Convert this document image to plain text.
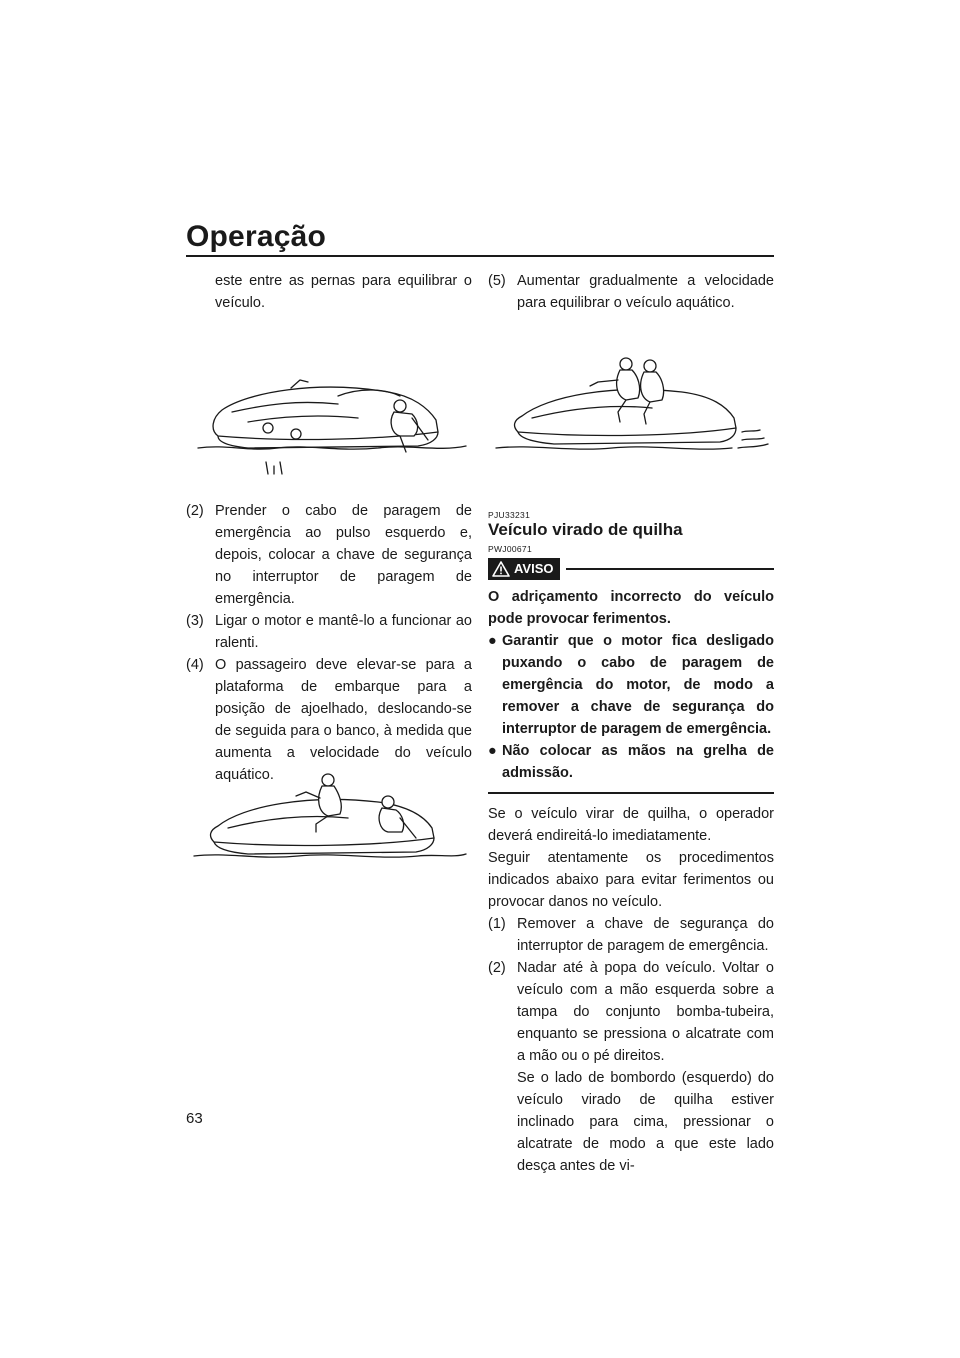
Operação

este entre as pernas para equilibrar o veículo.

(2) Prender o cabo de paragem de emergência ao pulso esquerdo e, depois, colocar a chave de segurança no interruptor de paragem de emergência.
(3) Ligar o motor e mantê-lo a funcionar ao ralenti.
(4) O passageiro deve elevar-se para a plataforma de embarque para a posição de ajoelhado, deslocando-se de seguida para o banco, à medida que aumenta a velocidade do veículo aquático.
(5) Aumentar gradualmente a velocidade para equilibrar o veículo aquático.

PJU33231

Veículo virado de quilha

PWJ00671

AVISO

O adriçamento incorrecto do veículo pode provocar ferimentos.

● Garantir que o motor fica desligado puxando o cabo de paragem de emergência do motor, de modo a remover a chave de segurança do interruptor de paragem de emergência.
● Não colocar as mãos na grelha de admissão.

Se o veículo virar de quilha, o operador deverá endireitá-lo imediatamente.

Seguir atentamente os procedimentos indicados abaixo para evitar ferimentos ou provocar danos no veículo.

(1) Remover a chave de segurança do interruptor de paragem de emergência.
(2) Nadar até à popa do veículo. Voltar o veículo com a mão esquerda sobre a tampa do conjunto bomba-tubeira, enquanto se pressiona o alcatrate com a mão ou o pé direitos.

Se o lado de bombordo (esquerdo) do veículo virado de quilha estiver inclinado para cima, pressionar o alcatrate de modo a que este lado desça antes de vi-

63
